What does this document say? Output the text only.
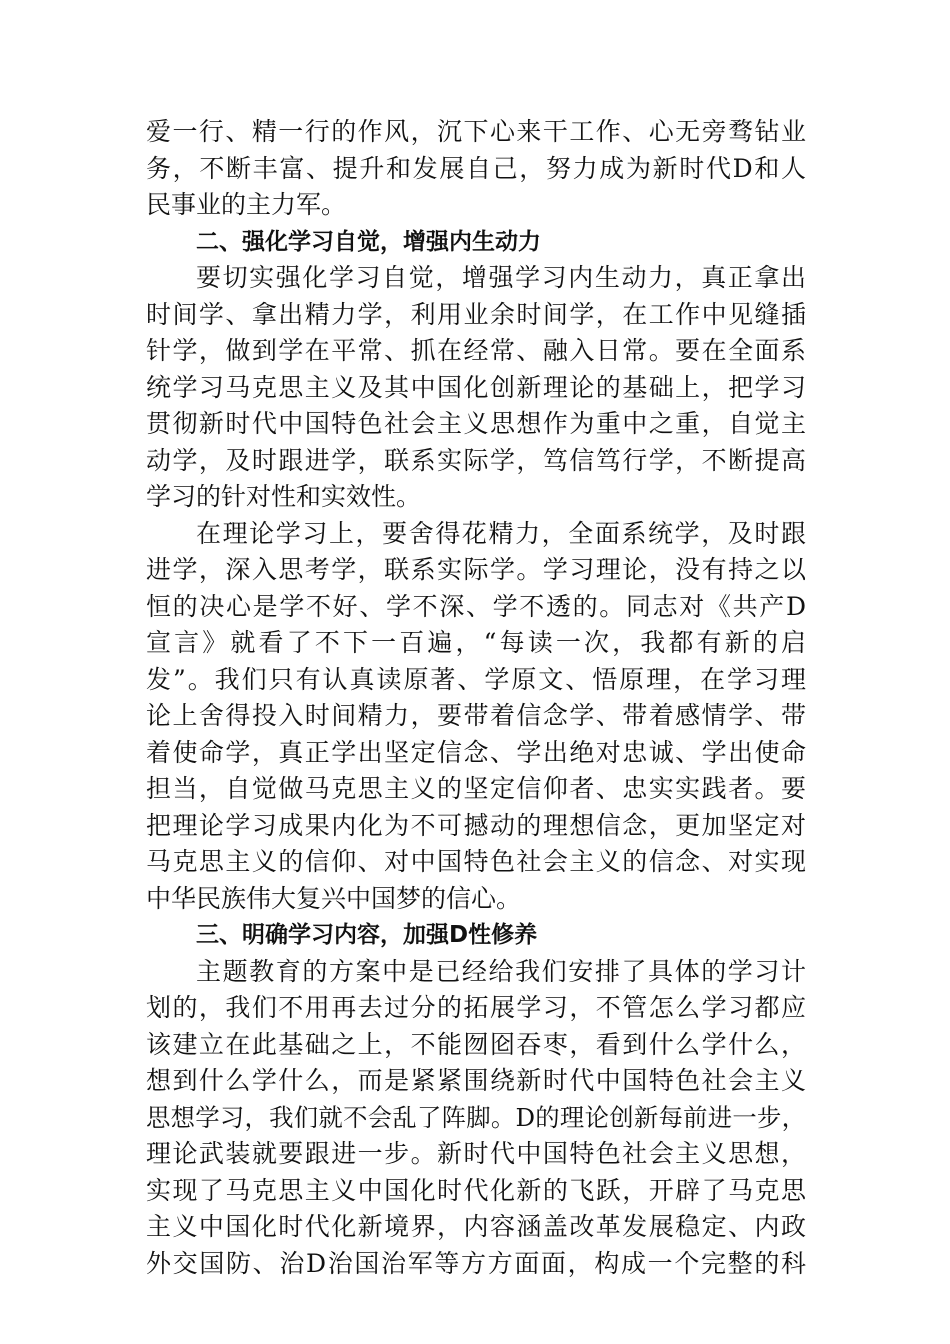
爱一行、精一行的作风，沉下心来干工作、心无旁骛钻业
务，不断丰富、提升和发展自己，努力成为新时代D和人
民事业的主力军。
二、强化学习自觉，增强内生动力
要切实强化学习自觉，增强学习内生动力，真正拿出
时间学、拿出精力学，利用业余时间学，在工作中见缝插
针学，做到学在平常、抓在经常、融入日常。要在全面系
统学习马克思主义及其中国化创新理论的基础上，把学习
贯彻新时代中国特色社会主义思想作为重中之重，自觉主
动学，及时跟进学，联系实际学，笃信笃行学，不断提高
学习的针对性和实效性。
在理论学习上，要舍得花精力，全面系统学，及时跟
进学，深入思考学，联系实际学。学习理论，没有持之以
恒的决心是学不好、学不深、学不透的。同志对《共产D
宣言》就看了不下一百遍，“每读一次，我都有新的启
发”。我们只有认真读原著、学原文、悟原理，在学习理
论上舍得投入时间精力，要带着信念学、带着感情学、带
着使命学，真正学出坚定信念、学出绝对忠诚、学出使命
担当，自觉做马克思主义的坚定信仰者、忠实实践者。要
把理论学习成果内化为不可撼动的理想信念，更加坚定对
马克思主义的信仰、对中国特色社会主义的信念、对实现
中华民族伟大复兴中国梦的信心。
三、明确学习内容，加强D性修养
主题教育的方案中是已经给我们安排了具体的学习计
划的，我们不用再去过分的拓展学习，不管怎么学习都应
该建立在此基础之上，不能囫囵吞枣，看到什么学什么，
想到什么学什么，而是紧紧围绕新时代中国特色社会主义
思想学习，我们就不会乱了阵脚。D的理论创新每前进一步，
理论武装就要跟进一步。新时代中国特色社会主义思想，
实现了马克思主义中国化时代化新的飞跃，开辟了马克思
主义中国化时代化新境界，内容涵盖改革发展稳定、内政
外交国防、治D治国治军等方方面面，构成一个完整的科
